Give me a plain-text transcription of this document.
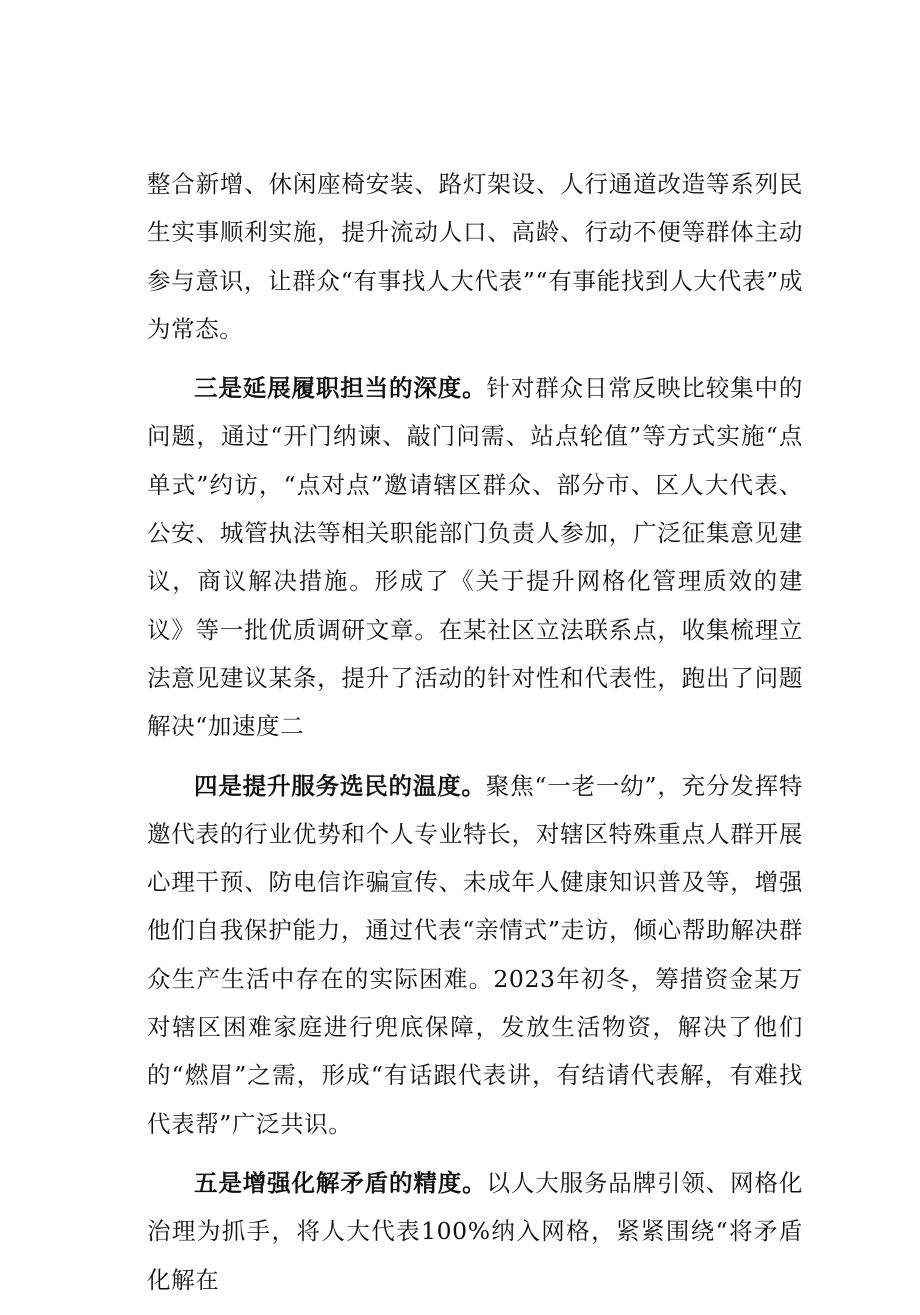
整合新增、休闲座椅安装、路灯架设、人行通道改造等系列民生实事顺利实施，提升流动人口、高龄、行动不便等群体主动参与意识，让群众“有事找人大代表”“有事能找到人大代表”成为常态。

三是延展履职担当的深度。针对群众日常反映比较集中的问题，通过“开门纳谏、敲门问需、站点轮值”等方式实施“点单式”约访，“点对点”邀请辖区群众、部分市、区人大代表、公安、城管执法等相关职能部门负责人参加，广泛征集意见建议，商议解决措施。形成了《关于提升网格化管理质效的建议》等一批优质调研文章。在某社区立法联系点，收集梳理立法意见建议某条，提升了活动的针对性和代表性，跑出了问题解决“加速度二

四是提升服务选民的温度。聚焦“一老一幼”，充分发挥特邀代表的行业优势和个人专业特长，对辖区特殊重点人群开展心理干预、防电信诈骗宣传、未成年人健康知识普及等，增强他们自我保护能力，通过代表“亲情式”走访，倾心帮助解决群众生产生活中存在的实际困难。2023年初冬，筹措资金某万对辖区困难家庭进行兜底保障，发放生活物资，解决了他们的“燃眉”之需，形成“有话跟代表讲，有结请代表解，有难找代表帮”广泛共识。

五是增强化解矛盾的精度。以人大服务品牌引领、网格化治理为抓手，将人大代表100%纳入网格，紧紧围绕“将矛盾化解在
